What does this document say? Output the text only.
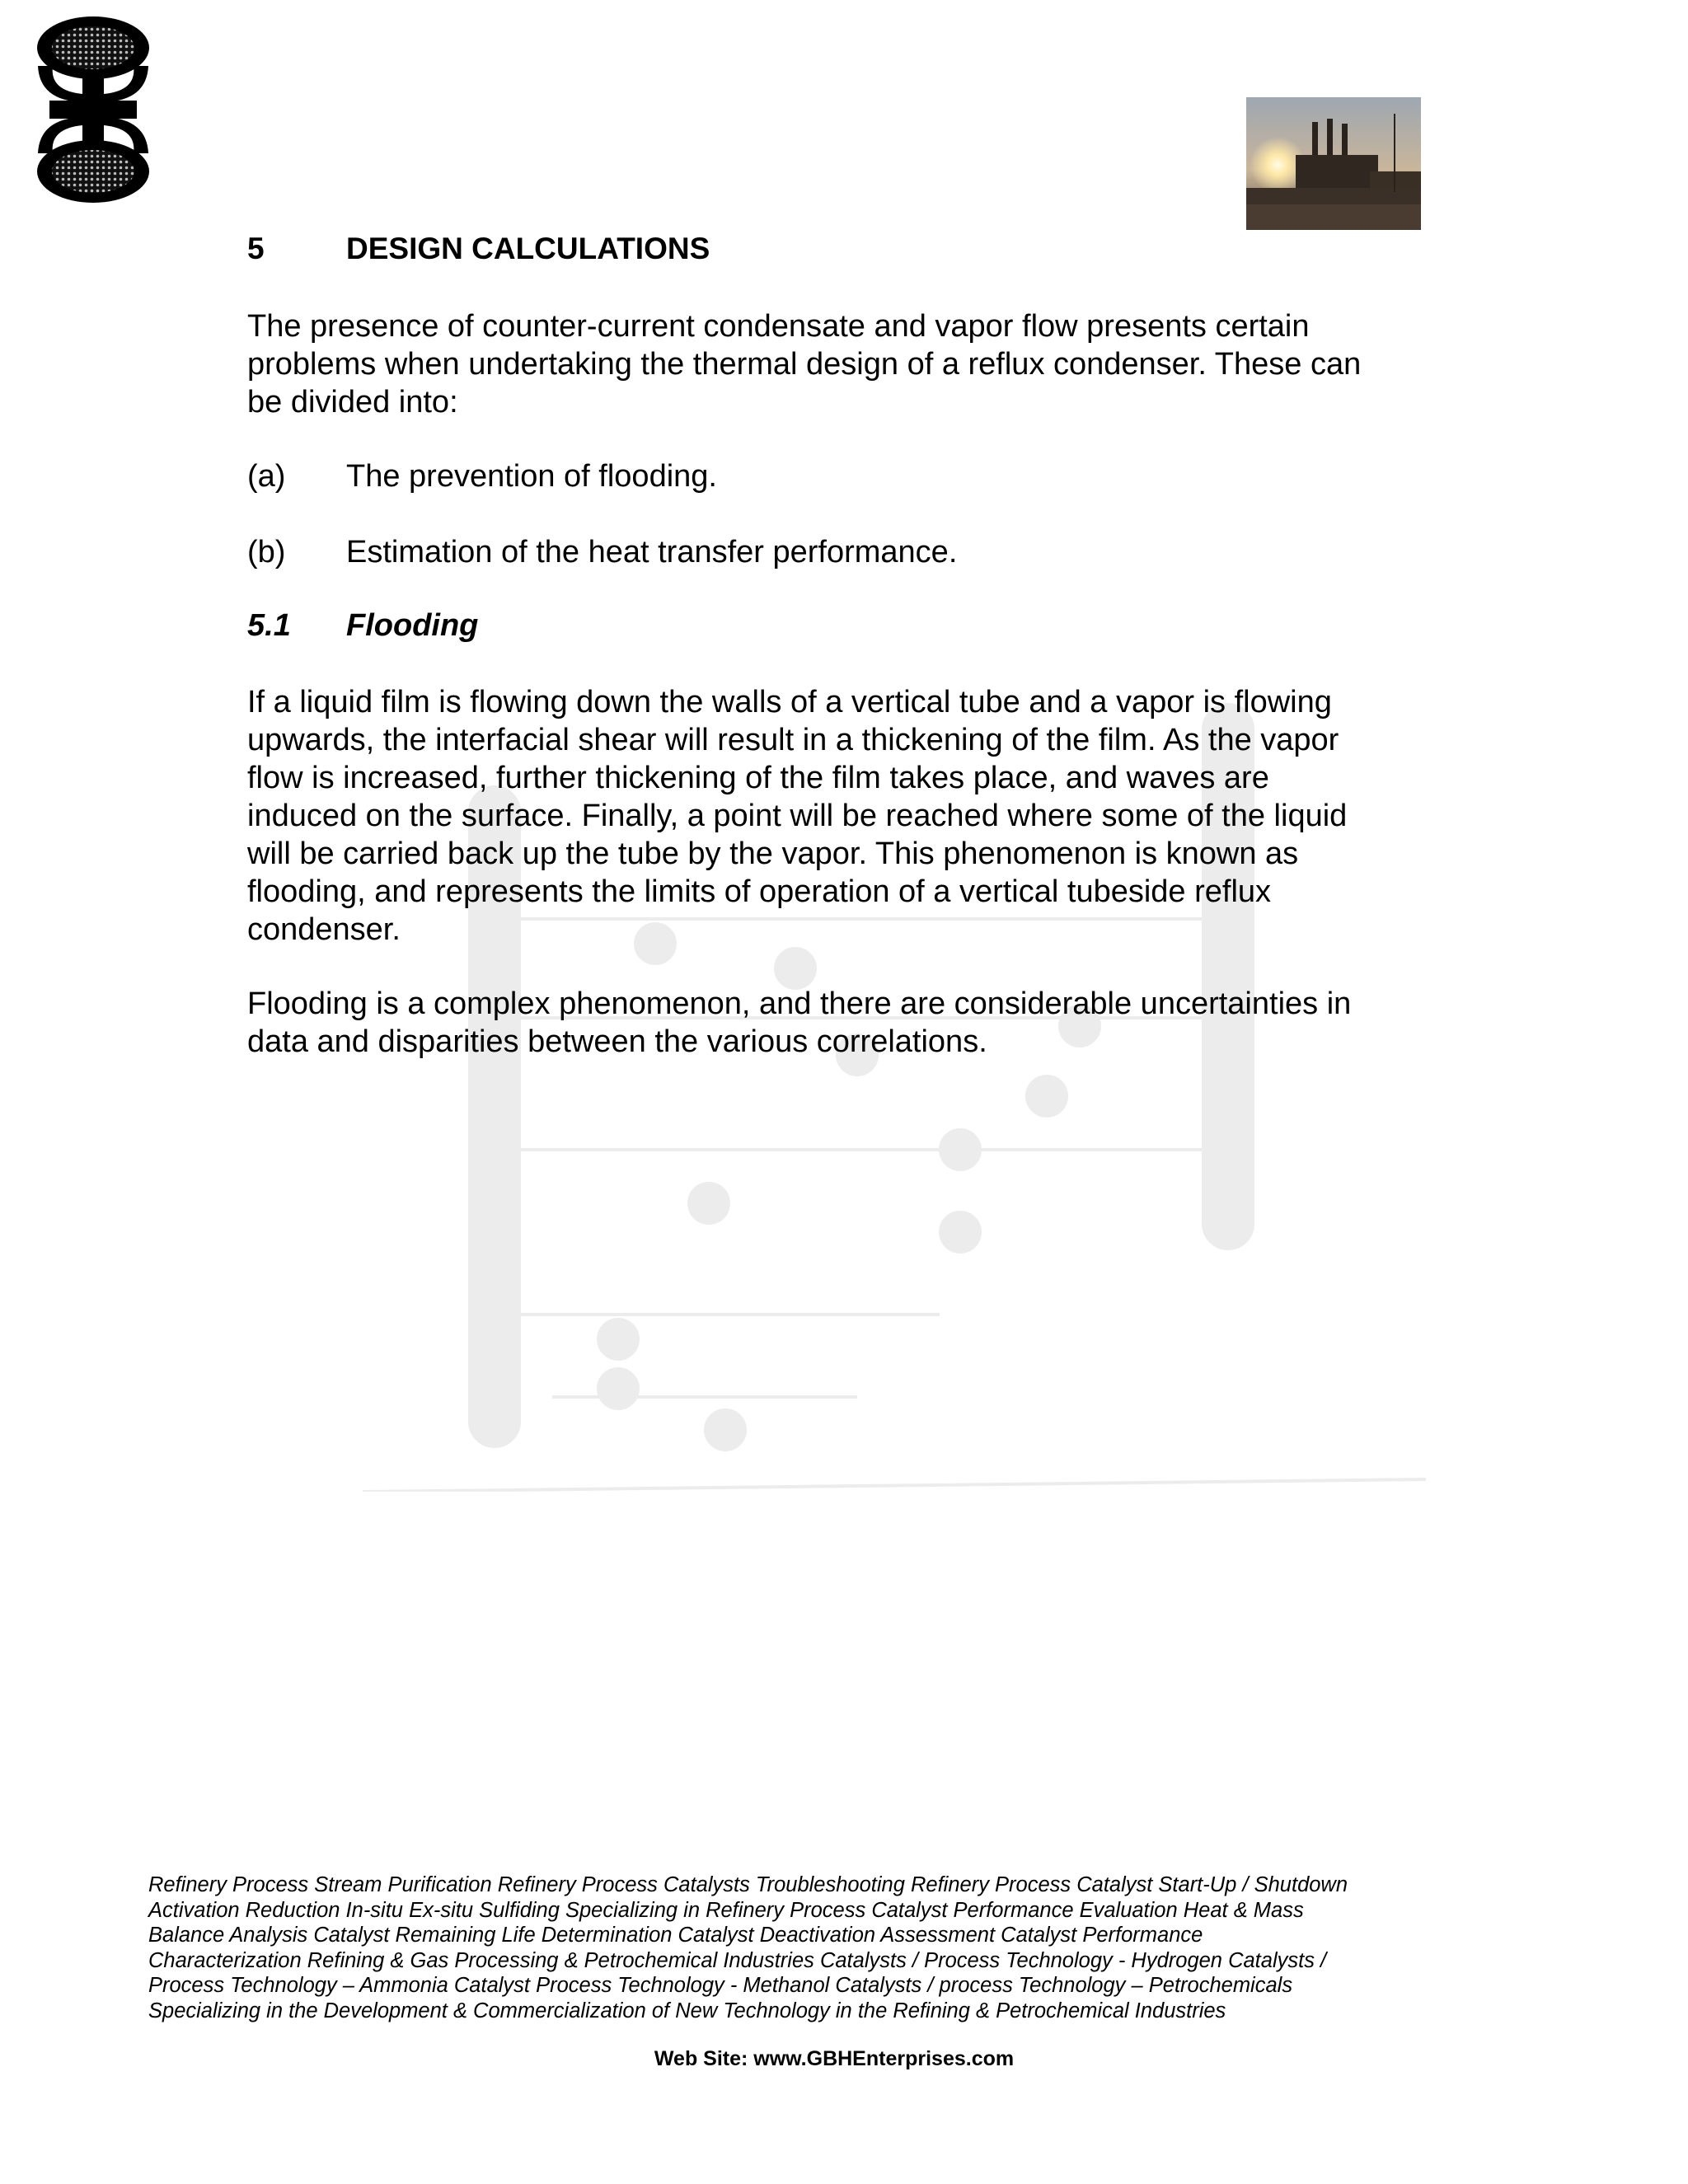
5	DESIGN CALCULATIONS
The presence of counter-current condensate and vapor flow presents certain
problems when undertaking the thermal design of a reflux condenser. These can
be divided into:
(a) The prevention of flooding.
(b) Estimation of the heat transfer performance.
5.1 Flooding
If a liquid film is flowing down the walls of a vertical tube and a vapor is flowing
upwards, the interfacial shear will result in a thickening of the film. As the vapor
flow is increased, further thickening of the film takes place, and waves are
induced on the surface. Finally, a point will be reached where some of the liquid
will be carried back up the tube by the vapor. This phenomenon is known as
flooding, and represents the limits of operation of a vertical tubeside reflux
condenser.
Flooding is a complex phenomenon, and there are considerable uncertainties in
data and disparities between the various correlations.
Refinery Process Stream Purification Refinery Process Catalysts Troubleshooting Refinery Process Catalyst Start-Up / Shutdown
Activation Reduction In-situ Ex-situ Sulfiding Specializing in Refinery Process Catalyst Performance Evaluation Heat & Mass
Balance Analysis Catalyst Remaining Life Determination Catalyst Deactivation Assessment Catalyst Performance
Characterization Refining & Gas Processing & Petrochemical Industries Catalysts / Process Technology - Hydrogen Catalysts /
Process Technology – Ammonia Catalyst Process Technology - Methanol Catalysts / process Technology – Petrochemicals
Specializing in the Development & Commercialization of New Technology in the Refining & Petrochemical Industries
Web Site: www.GBHEnterprises.com
